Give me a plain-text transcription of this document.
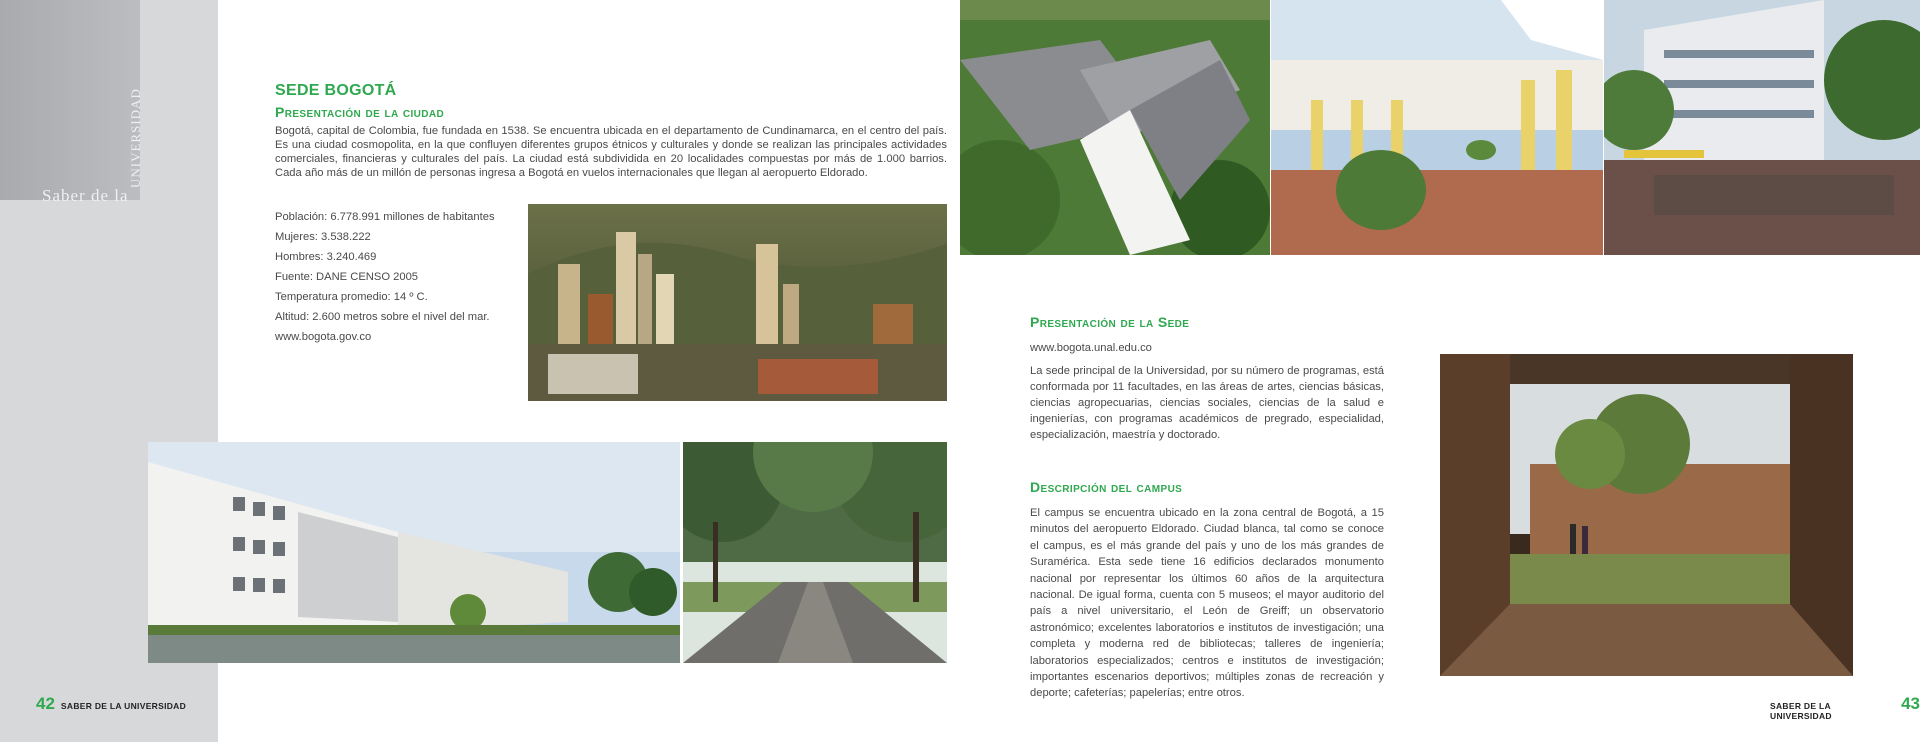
Saber de la
UNIVERSIDAD	SEDE BOGOTÁ
Presentación de la ciudad

Bogotá, capital de Colombia, fue fundada en 1538. Se encuentra ubicada en el departamento de Cundinamarca, en el centro del país. Es una ciudad cosmopolita, en la que confluyen diferentes grupos étnicos y culturales y donde se realizan las principales actividades comerciales, financieras y culturales del país. La ciudad está subdividida en 20 localidades compuestas por más de 1.000 barrios. Cada año más de un millón de personas ingresa a Bogotá en vuelos internacionales que llegan al aeropuerto Eldorado.

Población: 6.778.991 millones de habitantes
Mujeres: 3.538.222
Hombres: 3.240.469
Fuente: DANE CENSO 2005
Temperatura promedio: 14 º C.
Altitud: 2.600 metros sobre el nivel del mar.
www.bogota.gov.co
42 SABER DE LA UNIVERSIDAD
Presentación de la Sede
www.bogota.unal.edu.co

La sede principal de la Universidad, por su número de programas, está conformada por 11 facultades, en las áreas de artes, ciencias básicas, ciencias agropecuarias, ciencias sociales, ciencias de la salud e ingenierías, con programas académicos de pregrado, especialidad, especialización, maestría y doctorado.

Descripción del campus

El campus se encuentra ubicado en la zona central de Bogotá, a 15 minutos del aeropuerto Eldorado. Ciudad blanca, tal como se conoce el campus, es el más grande del país y uno de los más grandes de Suramérica. Esta sede tiene 16 edificios declarados monumento nacional por representar los últimos 60 años de la arquitectura nacional. De igual forma, cuenta con 5 museos; el mayor auditorio del país a nivel universitario, el León de Greiff; un observatorio astronómico; excelentes laboratorios e institutos de investigación; una completa y moderna red de bibliotecas; talleres de ingeniería; laboratorios especializados; centros e institutos de investigación; importantes escenarios deportivos; múltiples zonas de recreación y deporte; cafeterías; papelerías; entre otros.

SABER DE LA UNIVERSIDAD
43
